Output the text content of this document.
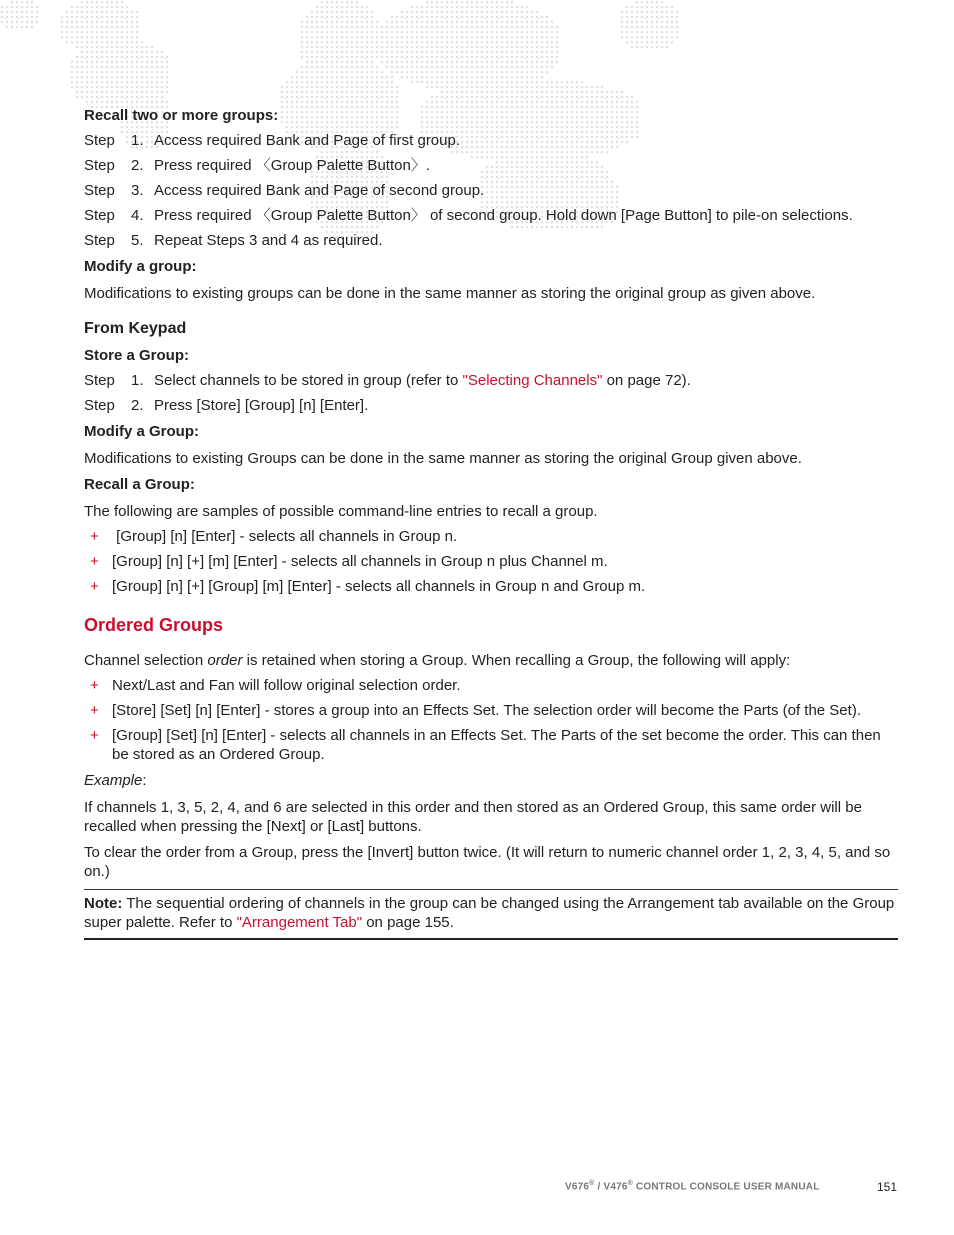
Recall two or more groups:

Step	1. Access required Bank and Page of first group.
Step	2. Press required 〈Group Palette Button〉.
Step	3. Access required Bank and Page of second group.
Step	4. Press required 〈Group Palette Button〉 of second group. Hold down [Page Button] to pile-on selections.
Step	5. Repeat Steps 3 and 4 as required.

Modify a group:

Modifications to existing groups can be done in the same manner as storing the original group as given above.

From Keypad

Store a Group:

Step	1. Select channels to be stored in group (refer to "Selecting Channels" on page 72).
Step	2. Press [Store] [Group] [n] [Enter].

Modify a Group:

Modifications to existing Groups can be done in the same manner as storing the original Group given above.

Recall a Group:

The following are samples of possible command-line entries to recall a group.

+ [Group] [n] [Enter] - selects all channels in Group n.
+ [Group] [n] [+] [m] [Enter] - selects all channels in Group n plus Channel m.
+ [Group] [n] [+] [Group] [m] [Enter] - selects all channels in Group n and Group m.

Ordered Groups

Channel selection order is retained when storing a Group. When recalling a Group, the following will apply:

+ Next/Last and Fan will follow original selection order.
+ [Store] [Set] [n] [Enter] - stores a group into an Effects Set. The selection order will become the Parts (of the Set).
+ [Group] [Set] [n] [Enter] - selects all channels in an Effects Set. The Parts of the set become the order. This can then be stored as an Ordered Group.

Example:

If channels 1, 3, 5, 2, 4, and 6 are selected in this order and then stored as an Ordered Group, this same order will be recalled when pressing the [Next] or [Last] buttons.

To clear the order from a Group, press the [Invert] button twice. (It will return to numeric channel order 1, 2, 3, 4, 5, and so on.)

Note: The sequential ordering of channels in the group can be changed using the Arrangement tab available on the Group super palette. Refer to "Arrangement Tab" on page 155.
V676® / V476® CONTROL CONSOLE USER MANUAL	151
